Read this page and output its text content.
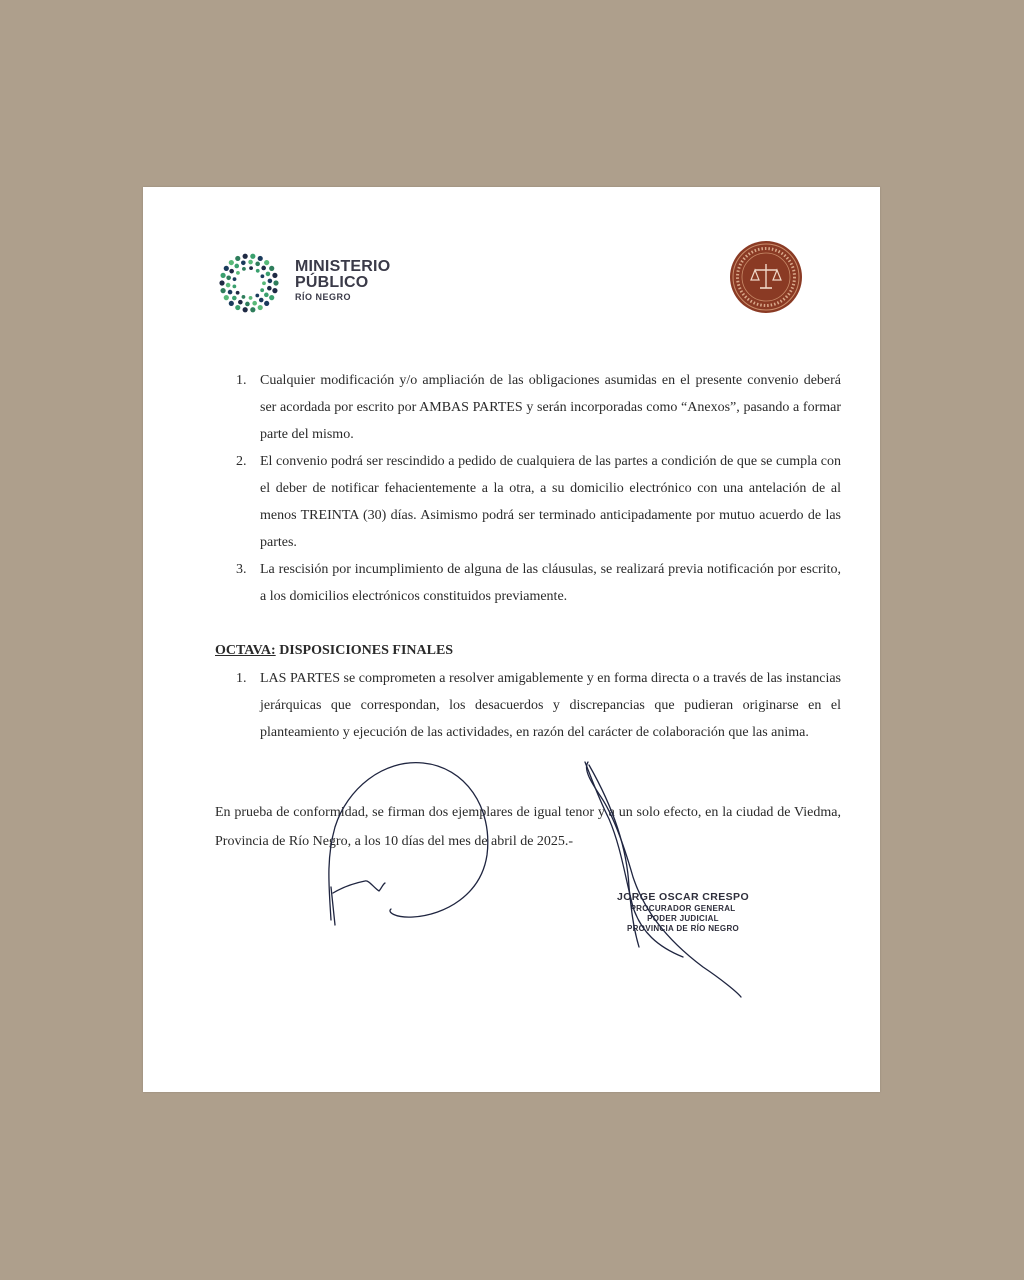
MINISTERIO
PÚBLICO
RÍO NEGRO
1. Cualquier modificación y/o ampliación de las obligaciones asumidas en el presente convenio deberá ser acordada por escrito por AMBAS PARTES y serán incorporadas como “Anexos”, pasando a formar parte del mismo.
2. El convenio podrá ser rescindido a pedido de cualquiera de las partes a condición de que se cumpla con el deber de notificar fehacientemente a la otra, a su domicilio electrónico con una antelación de al menos TREINTA (30) días. Asimismo podrá ser terminado anticipadamente por mutuo acuerdo de las partes.
3. La rescisión por incumplimiento de alguna de las cláusulas, se realizará previa notificación por escrito, a los domicilios electrónicos constituidos previamente.
OCTAVA: DISPOSICIONES FINALES
1. LAS PARTES se comprometen a resolver amigablemente y en forma directa o a través de las instancias jerárquicas que correspondan, los desacuerdos y discrepancias que pudieran originarse en el planteamiento y ejecución de las actividades, en razón del carácter de colaboración que las anima.

En prueba de conformidad, se firman dos ejemplares de igual tenor y a un solo efecto, en la ciudad de Viedma, Provincia de Río Negro, a los 10 días del mes de abril de 2025.-

JORGE OSCAR CRESPO
PROCURADOR GENERAL
PODER JUDICIAL
PROVINCIA DE RÍO NEGRO
